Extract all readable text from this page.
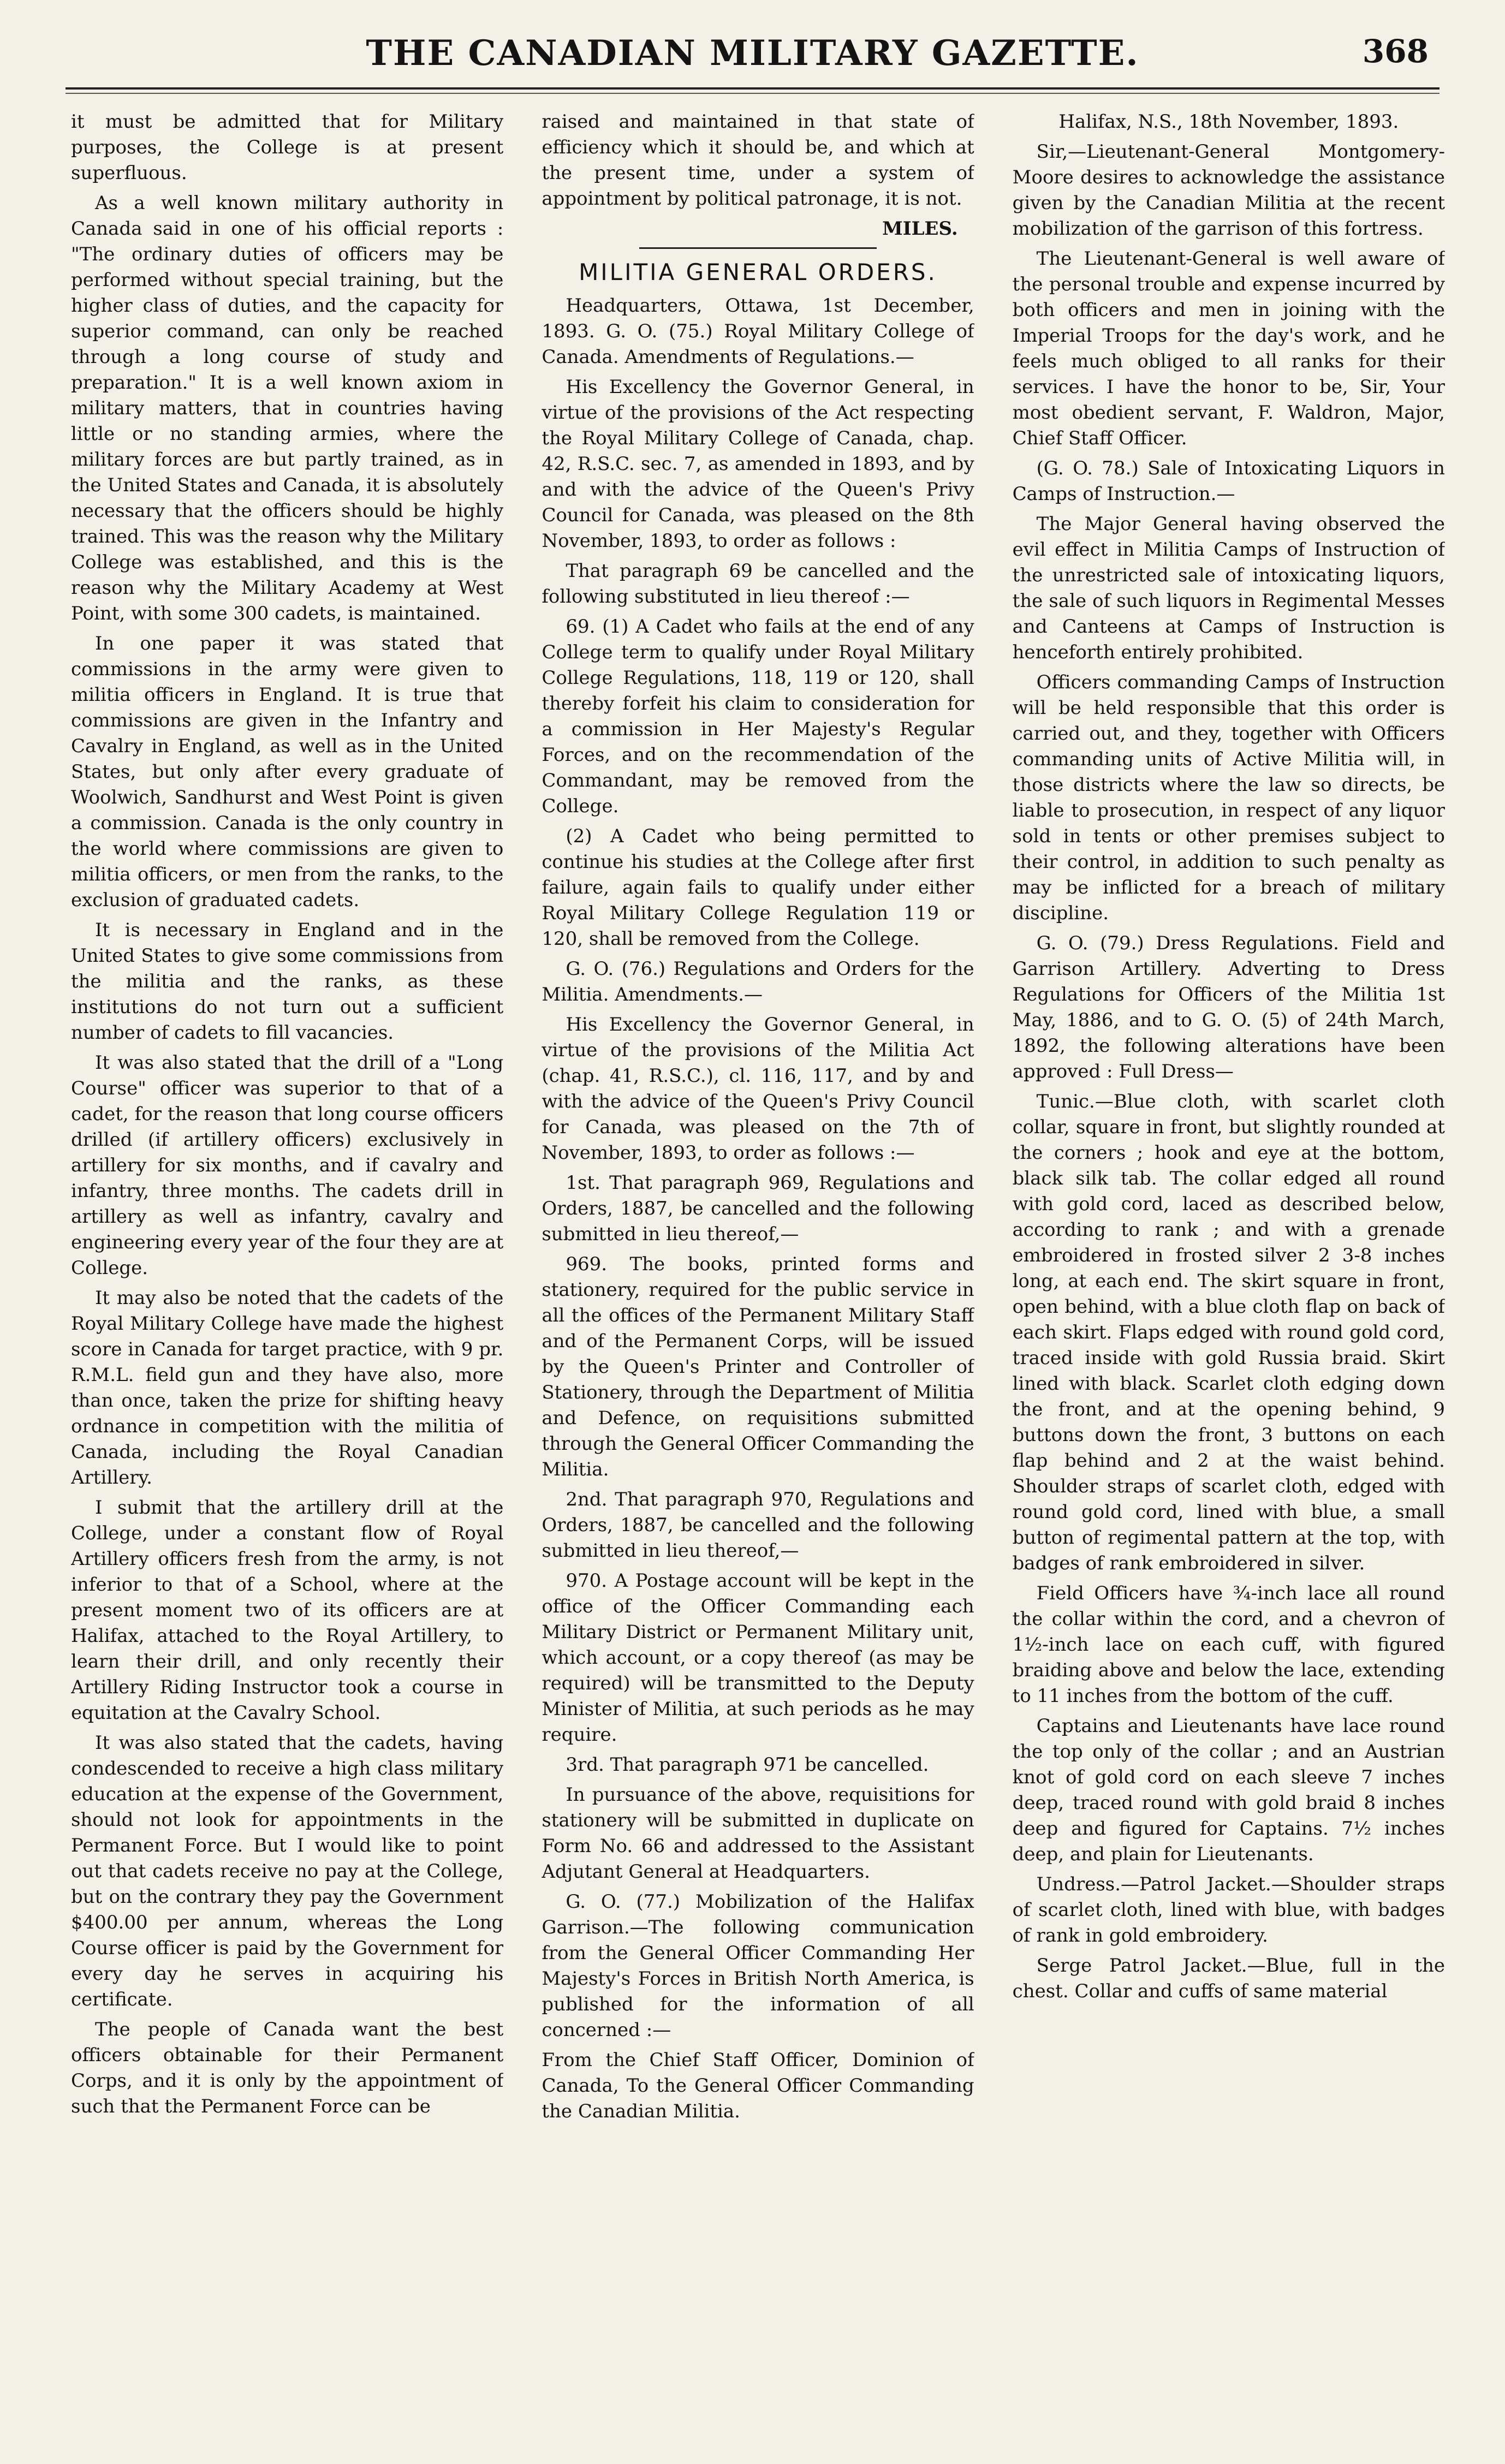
THE CANADIAN MILITARY GAZETTE.	368

it must be admitted that for Military purposes, the College is at present superfluous.

As a well known military authority in Canada said in one of his official reports : "The ordinary duties of officers may be performed without special training, but the higher class of duties, and the capacity for superior command, can only be reached through a long course of study and preparation." It is a well known axiom in military matters, that in countries having little or no standing armies, where the military forces are but partly trained, as in the United States and Canada, it is absolutely necessary that the officers should be highly trained. This was the reason why the Military College was established, and this is the reason why the Military Academy at West Point, with some 300 cadets, is maintained.

In one paper it was stated that commissions in the army were given to militia officers in England. It is true that commissions are given in the Infantry and Cavalry in England, as well as in the United States, but only after every graduate of Woolwich, Sandhurst and West Point is given a commission. Canada is the only country in the world where commissions are given to militia officers, or men from the ranks, to the exclusion of graduated cadets.

It is necessary in England and in the United States to give some commissions from the militia and the ranks, as these institutions do not turn out a sufficient number of cadets to fill vacancies.

It was also stated that the drill of a "Long Course" officer was superior to that of a cadet, for the reason that long course officers drilled (if artillery officers) exclusively in artillery for six months, and if cavalry and infantry, three months. The cadets drill in artillery as well as infantry, cavalry and engineering every year of the four they are at College.

It may also be noted that the cadets of the Royal Military College have made the highest score in Canada for target practice, with 9 pr. R.M.L. field gun and they have also, more than once, taken the prize for shifting heavy ordnance in competition with the militia of Canada, including the Royal Canadian Artillery.

I submit that the artillery drill at the College, under a constant flow of Royal Artillery officers fresh from the army, is not inferior to that of a School, where at the present moment two of its officers are at Halifax, attached to the Royal Artillery, to learn their drill, and only recently their Artillery Riding Instructor took a course in equitation at the Cavalry School.

It was also stated that the cadets, having condescended to receive a high class military education at the expense of the Government, should not look for appointments in the Permanent Force. But I would like to point out that cadets receive no pay at the College, but on the contrary they pay the Government $400.00 per annum, whereas the Long Course officer is paid by the Government for every day he serves in acquiring his certificate.

The people of Canada want the best officers obtainable for their Permanent Corps, and it is only by the appointment of such that the Permanent Force can be

raised and maintained in that state of efficiency which it should be, and which at the present time, under a system of appointment by political patronage, it is not.

MILES.
MILITIA GENERAL ORDERS.

Headquarters, Ottawa, 1st December, 1893. G. O. (75.) Royal Military College of Canada. Amendments of Regulations.—

His Excellency the Governor General, in virtue of the provisions of the Act respecting the Royal Military College of Canada, chap. 42, R.S.C. sec. 7, as amended in 1893, and by and with the advice of the Queen's Privy Council for Canada, was pleased on the 8th November, 1893, to order as follows :

That paragraph 69 be cancelled and the following substituted in lieu thereof :—

69. (1) A Cadet who fails at the end of any College term to qualify under Royal Military College Regulations, 118, 119 or 120, shall thereby forfeit his claim to consideration for a commission in Her Majesty's Regular Forces, and on the recommendation of the Commandant, may be removed from the College.

(2) A Cadet who being permitted to continue his studies at the College after first failure, again fails to qualify under either Royal Military College Regulation 119 or 120, shall be removed from the College.

G. O. (76.) Regulations and Orders for the Militia. Amendments.—

His Excellency the Governor General, in virtue of the provisions of the Militia Act (chap. 41, R.S.C.), cl. 116, 117, and by and with the advice of the Queen's Privy Council for Canada, was pleased on the 7th of November, 1893, to order as follows :—

1st. That paragraph 969, Regulations and Orders, 1887, be cancelled and the following submitted in lieu thereof,—

969. The books, printed forms and stationery, required for the public service in all the offices of the Permanent Military Staff and of the Permanent Corps, will be issued by the Queen's Printer and Controller of Stationery, through the Department of Militia and Defence, on requisitions submitted through the General Officer Commanding the Militia.

2nd. That paragraph 970, Regulations and Orders, 1887, be cancelled and the following submitted in lieu thereof,—

970. A Postage account will be kept in the office of the Officer Commanding each Military District or Permanent Military unit, which account, or a copy thereof (as may be required) will be transmitted to the Deputy Minister of Militia, at such periods as he may require.

3rd. That paragraph 971 be cancelled.

In pursuance of the above, requisitions for stationery will be submitted in duplicate on Form No. 66 and addressed to the Assistant Adjutant General at Headquarters.

G. O. (77.) Mobilization of the Halifax Garrison.—The following communication from the General Officer Commanding Her Majesty's Forces in British North America, is published for the information of all concerned :—

From the Chief Staff Officer, Dominion of Canada, To the General Officer Commanding the Canadian Militia.

Halifax, N.S., 18th November, 1893.

Sir,—Lieutenant-General Montgomery-Moore desires to acknowledge the assistance given by the Canadian Militia at the recent mobilization of the garrison of this fortress.

The Lieutenant-General is well aware of the personal trouble and expense incurred by both officers and men in joining with the Imperial Troops for the day's work, and he feels much obliged to all ranks for their services. I have the honor to be, Sir, Your most obedient servant, F. Waldron, Major, Chief Staff Officer.

(G. O. 78.) Sale of Intoxicating Liquors in Camps of Instruction.—

The Major General having observed the evil effect in Militia Camps of Instruction of the unrestricted sale of intoxicating liquors, the sale of such liquors in Regimental Messes and Canteens at Camps of Instruction is henceforth entirely prohibited.

Officers commanding Camps of Instruction will be held responsible that this order is carried out, and they, together with Officers commanding units of Active Militia will, in those districts where the law so directs, be liable to prosecution, in respect of any liquor sold in tents or other premises subject to their control, in addition to such penalty as may be inflicted for a breach of military discipline.

G. O. (79.) Dress Regulations. Field and Garrison Artillery. Adverting to Dress Regulations for Officers of the Militia 1st May, 1886, and to G. O. (5) of 24th March, 1892, the following alterations have been approved : Full Dress—

Tunic.—Blue cloth, with scarlet cloth collar, square in front, but slightly rounded at the corners ; hook and eye at the bottom, black silk tab. The collar edged all round with gold cord, laced as described below, according to rank ; and with a grenade embroidered in frosted silver 2 3-8 inches long, at each end. The skirt square in front, open behind, with a blue cloth flap on back of each skirt. Flaps edged with round gold cord, traced inside with gold Russia braid. Skirt lined with black. Scarlet cloth edging down the front, and at the opening behind, 9 buttons down the front, 3 buttons on each flap behind and 2 at the waist behind. Shoulder straps of scarlet cloth, edged with round gold cord, lined with blue, a small button of regimental pattern at the top, with badges of rank embroidered in silver.

Field Officers have ¾-inch lace all round the collar within the cord, and a chevron of 1½-inch lace on each cuff, with figured braiding above and below the lace, extending to 11 inches from the bottom of the cuff.

Captains and Lieutenants have lace round the top only of the collar ; and an Austrian knot of gold cord on each sleeve 7 inches deep, traced round with gold braid 8 inches deep and figured for Captains. 7½ inches deep, and plain for Lieutenants.

Undress.—Patrol Jacket.—Shoulder straps of scarlet cloth, lined with blue, with badges of rank in gold embroidery.

Serge Patrol Jacket.—Blue, full in the chest. Collar and cuffs of same material
